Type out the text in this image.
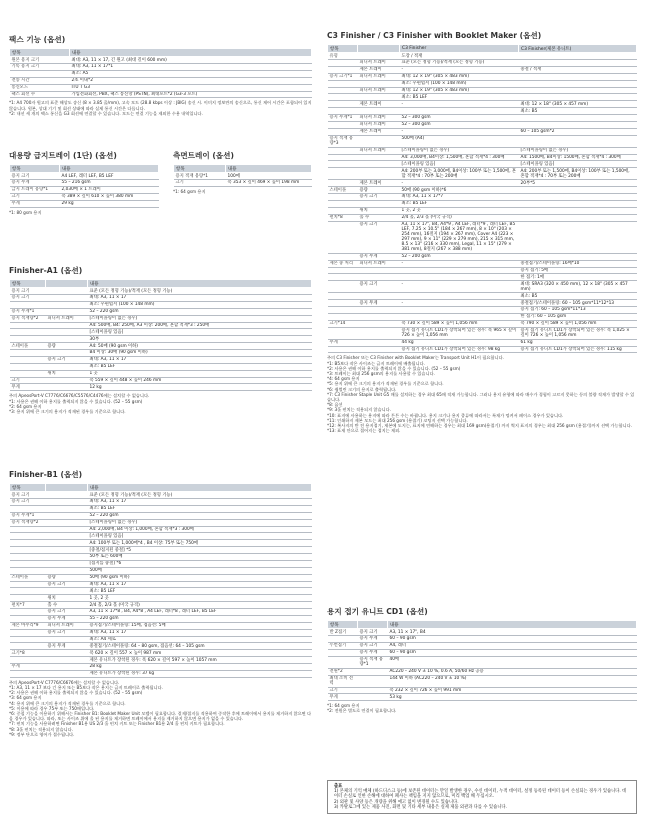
팩스 기능 (옵션)
항목	내용
원본 용지 크기	최대: A3, 11 × 17, 긴 원고 (최대 길이 600 mm)
기록 용지 크기	최대: A3, 11 × 17*1
	최소: A5
전송 시간	2초 이내*2
통신모드	ITU T G3
팩스 회선 수	가입전화회선, PBX, 팩스 통신망 (PSTN), 최대포트*2 (G3-3 포트)
*1: A4 700자 원고의 표준 해상도 송신 (8 × 3.85 줄/mm), 고속 모드 (28.8 kbps 이상 : JBIG) 송신 시. 이미지 정보만의 송신으로, 통신 제어 시간은 포함되어 있지 않습니다. 원본, 상대 기기 및 회선 상태에 따라 실제 통신 시간은 다릅니다.
*2: 내선 세 개의 팩스 통신을 G3 회선에 연결할 수 있습니다. 모드는 연결 기능을 제외한 수용 내역입니다.
대용량 급지트레이 (1단) (옵션)
항목	내용
용지 크기	A4 LEF, 레터 LEF, B5 LEF
용지 무게	55 – 216 gsm
급지 트레이 용량*1	2,030매 × 1 트레이
크기	폭 389 × 깊이 610 × 높이 380 mm
무게	29 kg
*1: 80 gsm 용지
측면트레이 (옵션)
항목	내용
용지 적재 용량*1	100매
크기	폭 353 × 깊이 469 × 높이 198 mm
*1: 64 gsm 용지
Finisher-A1 (옵션)
항목		내용
용지 크기		표준 (모든 정형 기능)/적재 (모든 정형 기능)
용지 크기		최대: A3, 11 × 17
		최소: 우편엽서 (100 × 148 mm)
용지 무게*1		52 – 220 gsm
용지 적재량*2	피니셔 트레이	[스테이플링이 없는 경우]
		A4: 500매, B4: 250매, A3 이상: 200매, 혼합 적재*3 : 250매
		[스테이플링 있음]
		30부
스테이플	용량	A4: 50매 (90 gsm 이하)
		B4 이상: 30매 (90 gsm 이하)
	용지 크기	최대: A3, 11 × 17
		최소: B5 LEF
	위치	1 곳
크기		폭 559 × 깊이 448 × 높이 246 mm
무게		12 kg
주의 ApeosPort-V C7776/C6676/C5576/C4476에는 설치할 수 없습니다.
*1: 사용은 권해 이하 용지를 출력되지 않을 수 있습니다. (52 – 55 gsm)
*2: 64 gsm 용지
*3: 용지 위에 큰 크기의 용지가 적재된 경우를 기준으로 합니다.
Finisher-B1 (옵션)
항목		내용
용지 크기		표준 (모든 정형 기능)/적재 (모든 정형 기능)
용지 크기		최대: A3, 11 × 17
		최소: B5 LEF
용지 무게*1		52 – 220 gsm
용지 적재량*2		[스테이플링이 없는 경우]
		A4: 2,000매, B4 이상: 1,000매, 혼합 적재*3 : 300매
		[스테이플링 있음]
		A4: 100부 또는 1,000매*4 , B4 이상: 75부 또는 750매
		[중철/접지된 중철] *5
		50부 또는 600매
		[접지를 중철] *6
		500매
스테이플	용량	50매 (90 gsm 이하)
	용지 크기	최대: A3, 11 × 17
		최소: B5 LEF
	위치	1 곳, 2 곳
펀치*7	홀 수	2/4 홀, 2/3 홀 (미국 규격)
	용지 크기	A3, 11 × 17*8 , B4, A4*8 , A4 LEF, 레터*8 , 레터 LEF, B5 LEF
	용지 무게	55 – 220 gsm
제본 마무리*9	피니셔 트레이	용지접기/스테이플링: 15매, 접음선: 5매
	용지 크기	최대: A3, 11 × 17
		최소: A4 세로
	용지 무게	중철접기/스테이플링: 64 – 80 gsm, 접음선: 64 – 105 gsm
크기*8		폭 620 × 깊이 557 × 높이 987 mm
		제본 유니트가 장착된 경우: 폭 620 × 깊이 597 × 높이 1057 mm
무게		28 kg
		제본 유니트가 장착된 경우: 37 kg
주의 ApeosPort-V C7776/C6676에는 설치할 수 없습니다.
*1: A3, 11 × 17 보다 긴 용지 또는 B5보다 작은 용지는 급지 트레이로 출력됩니다.
*2: 사용은 권해 이하 용지를 출력되지 않을 수 있습니다. (52 – 55 gsm)
*3: 64 gsm 용지
*4: 용지 위에 큰 크기의 용지가 적재된 경우를 기준으로 합니다.
*5: 이용에 따라 경우 75부 또는 750매입니다.
*6: 중철 기능을 이용하기 위해서는 Finisher B1: Booklet Maker Unit 모델이 필요합니다. 결제/접지를 적용하여 중작한 후에 트레이에서 용지를 제거하지 않으면 다음 경우가 있습니다. 따라, 또는 사이즈 위에 올 된 용지를 제거하면 트레이에서 용지를 제거하지 않으면 용지가 없을 수 있습니다.
*7: 펀치 기능을 사용하려면 Finisher B1용 US 2/3 홀 펀치 키트 또는 Finisher B1용 2/4 홀 펀치 키트가 필요합니다.
*8: 3홀 펀치는 적용되지 않습니다.
*9: 정부 단으로 영어가 접수됩니다.
C3 Finisher / C3 Finisher with Booklet Maker (옵션)
항목		C3 Finisher	C3 Finisher(제본 유니트)
유형		도장 / 적재	
	피니셔 트레이	표준 (모든 정형 기능)/적재 (모든 정형 기능)	
	제본 트레이	-	중철 / 적재
용지 크기*1	피니셔 트레이	최대: 12 × 19" (305 × 483 mm)	
		최소: 우편엽서 (100 × 148 mm)	
	피니셔 트레이	최대: 12 × 19" (305 × 483 mm)	
		최소: B5 LEF	
	제본 트레이	-	최대: 12 × 18" (305 × 457 mm)
			최소: B5
용지 무게*1	피니셔 트레이	52 – 300 gsm	
	피니셔 트레이	52 – 300 gsm	
	제본 트레이	-	60 – 105 gsm*2
용지 적재 용량*3		500매 (A4)	
	피니셔 트레이	[스테이플링이 없는 경우]	[스테이플링이 없는 경우]
		A4: 3,000매, B4이상: 1,500매, 혼합 적재*4 : 300매	A4: 1500매, B4이상: 1500매, 혼합 적재*4 : 300매
		[스테이플링 있음]	[스테이플링 있음]
		A4: 200부 또는 3,000매, B4이상: 100부 또는 1,500매, 혼합 적재*4 : 70부 또는 200매	A4: 200부 또는 1,500매, B4이상: 100부 또는 1,500매, 혼합 적재*4 : 70부 또는 200매
	제본 트레이	-	20부*5
스테이플	용량	50매 (90 gsm 이하)*6	
	용지 크기	최대: A3, 11 × 17*7	
		최소: B5 LEF	
	위치	1 곳, 2 곳	
펀치*8	홀 수	2/4 홀, 2/3 홀 (미국 규격)	
	용지 크기	A3, 11 × 17", B4, A4*9 , A4 LEF, 레터*9 , 레터 LEF, B5 LEF, 7.25 × 10.5" (184 × 267 mm), 8 × 10" (203 × 254 mm), 16절지 (194 × 267 mm), Cover A4 (223 × 297 mm), 9 × 11" (229 × 279 mm), 215 × 315 mm, 8.5 × 13" (216 × 330 mm), Legal, 11 × 15" (279 × 381 mm), 8절지 (267 × 388 mm)	
	용지 무게	52 – 200 gsm	
제본 중 처리	피니셔 트레이	-	중철접기/스테이플링: 16매*10
			용지 접기: 5매
			한 접기: 1매
	용지 크기	-	최대: SRA3 (320 × 450 mm), 12 × 18" (305 × 457 mm)
			최소: B5
	용지 무게	-	중철접기/스테이플링: 60 – 105 gsm*11*12*13
			용지 접기: 60 – 105 gsm*11*13
			한 접기: 60 – 105 gsm
크기*14		폭 730 × 깊이 589 × 높이 1,056 mm	폭 790 × 깊이 589 × 높이 1,056 mm
		용지 접기 유니트 CD1가 장착되어 있는 경우: 폭 965 × 깊이 726 × 높이 1,056 mm	용지 접기 유니트 CD1가 장착되어 있는 경우: 폭 1,025 × 깊이 726 × 높이 1,056 mm
무게		44 kg	61 kg
		용지 접기 유니트 CD1가 장착되어 있는 경우: 98 kg	용지 접기 유니트 CD1가 장착되어 있는 경우: 115 kg
주의 C3 Finisher 또는 C3 Finisher with Booklet Maker는 Transport Unit H1이 필요합니다.
*1: B5보다 작은 사이즈는 급지 트레이에 배출됩니다.
*2: 사용은 권해 이하 용지를 출력되지 않을 수 있습니다. (52 – 55 gsm)
*3: 트레이는 최대 256 gsm의 용지를 사용할 수 있습니다.
*4: 64 gsm 용지
*5: 용지 위에 큰 크기의 용지가 적재된 경우를 기준으로 합니다.
*6: 쉽썰린 크기의 용지로 출력됩니다.
*7: C3 Finisher Staple Unit G5 매를 설치하는 경우 최대 65매 적재 가능합니다. 그러나 용지 유형에 따라 매수가 경험이 고르지 못하는 등의 불량 적재가 발생할 수 있습니다.
*8: 옵션
*9: 3홀 펀치는 적용되지 않습니다.
*10: 표지에 사용하는 용지에 따라 튼튼 수는 바뀝니다. 용지 크기나 용지 종류에 따라서는 특재가 엉켜서 페이스 경우가 있습니다.
*11: 인쇄하지 제본 모드는 최대 256 gsm (용접기) 코팅지 선택 가능합니다.
*12: 복사지의 반 전 용지접기, 제본에 도지는, 표지에 연해하는 경우는 최대 169 gsm(용접기) 까지 썩지 표지의 경우는 최대 256 gsm (용접기)까지 선택 가능합니다.
*13: 표제 안으로 접어지는 접지는 제외.
용지 접기 유니트 CD1 (옵션)
항목		내용
반 Z접기	용지 크기	A3, 11 × 17", B4
	용지 무게	60 – 90 gsm
두번접기	용지 크기	A4, 레터
	용지 무게	60 – 90 gsm
	용지 적재 용량*1	40매
전원*2		AC220 – 240 V ± 10 %, 0.6 A, 50/60 Hz 공용
최대 소비 전력		144 W 이하 (AC220 – 240 V ± 10 %)
크기		폭 232 × 깊이 726 × 높이 991 mm
무게		53 kg
*1: 64 gsm 용지
*2: 전원은 별도로 연결이 필요합니다.
출표
1) 본체의 기억 매체 (하드디스크 등)에 보존된 데이터는 만일 발생한 경우, 수신 데이터, 누적 데이터, 설정 등록된 데이터 등이 손실되는 경우가 있습니다. 데이터 손실로 인한 손해에 대하여 폐사는 책임을 지지 않으므로, 미리 백업 해 두십시오.
2) 외관 및 사양 등은 개량을 위해 예고 없이 변경될 수도 있습니다.
3) 카탈로그에 있는 제품 사진, 화면 및 기타 세부 내용은 실제 제품 외관과 다를 수 있습니다.
